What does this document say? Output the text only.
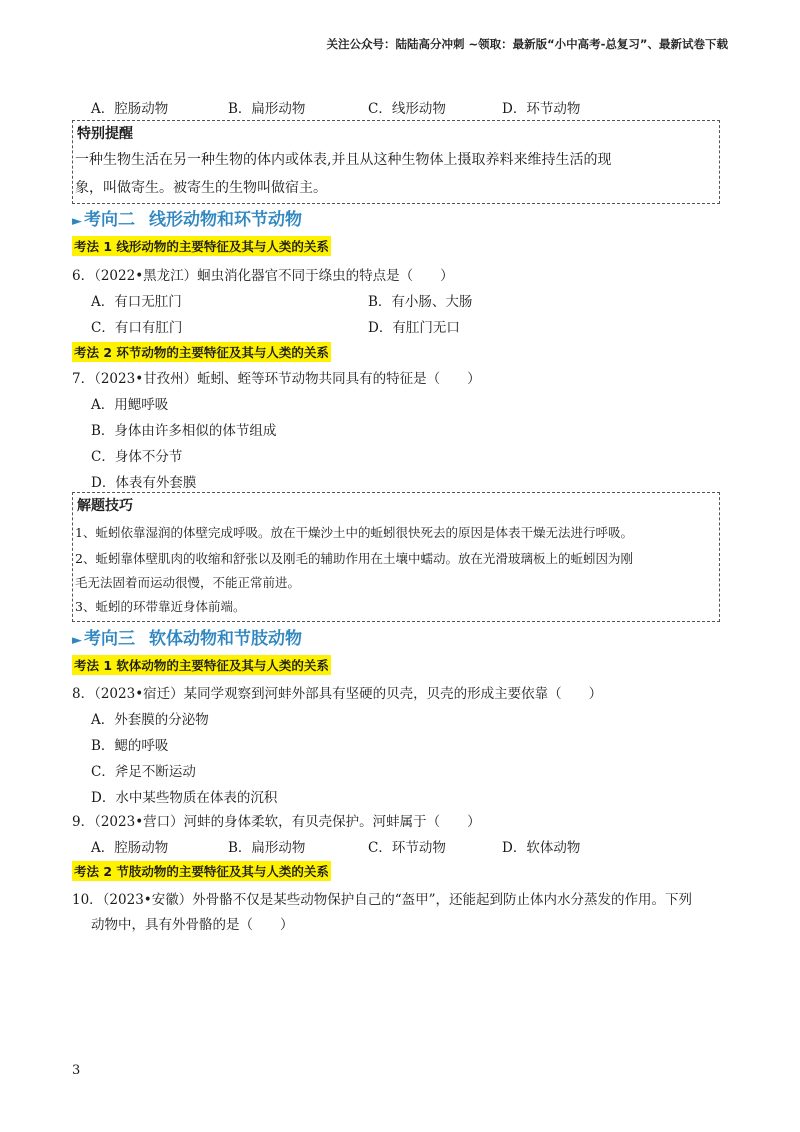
关注公众号：陆陆高分冲刺 ~领取：最新版“小中高考-总复习”、最新试卷下载
A．腔肠动物	B．扁形动物	C．线形动物	D．环节动物
特别提醒
一种生物生活在另一种生物的体内或体表,并且从这种生物体上摄取养料来维持生活的现
象，叫做寄生。被寄生的生物叫做宿主。
► 考向二 线形动物和环节动物
考法 1 线形动物的主要特征及其与人类的关系
6．（2022•黑龙江）蛔虫消化器官不同于绦虫的特点是（　　）
A．有口无肛门	B．有小肠、大肠
C．有口有肛门	D．有肛门无口
考法 2 环节动物的主要特征及其与人类的关系
7．（2023•甘孜州）蚯蚓、蛭等环节动物共同具有的特征是（　　）
A．用鳃呼吸
B．身体由许多相似的体节组成
C．身体不分节
D．体表有外套膜
解题技巧
1、蚯蚓依靠湿润的体壁完成呼吸。放在干燥沙土中的蚯蚓很快死去的原因是体表干燥无法进行呼吸。
2、蚯蚓靠体壁肌肉的收缩和舒张以及刚毛的辅助作用在土壤中蠕动。放在光滑玻璃板上的蚯蚓因为刚
毛无法固着而运动很慢，不能正常前进。
3、蚯蚓的环带靠近身体前端。
► 考向三 软体动物和节肢动物
考法 1 软体动物的主要特征及其与人类的关系
8．（2023•宿迁）某同学观察到河蚌外部具有坚硬的贝壳，贝壳的形成主要依靠（　　）
A．外套膜的分泌物
B．鳃的呼吸
C．斧足不断运动
D．水中某些物质在体表的沉积
9．（2023•营口）河蚌的身体柔软，有贝壳保护。河蚌属于（　　）
A．腔肠动物	B．扁形动物	C．环节动物	D．软体动物
考法 2 节肢动物的主要特征及其与人类的关系
10．（2023•安徽）外骨骼不仅是某些动物保护自己的“盔甲”，还能起到防止体内水分蒸发的作用。下列
动物中，具有外骨骼的是（　　）
3
